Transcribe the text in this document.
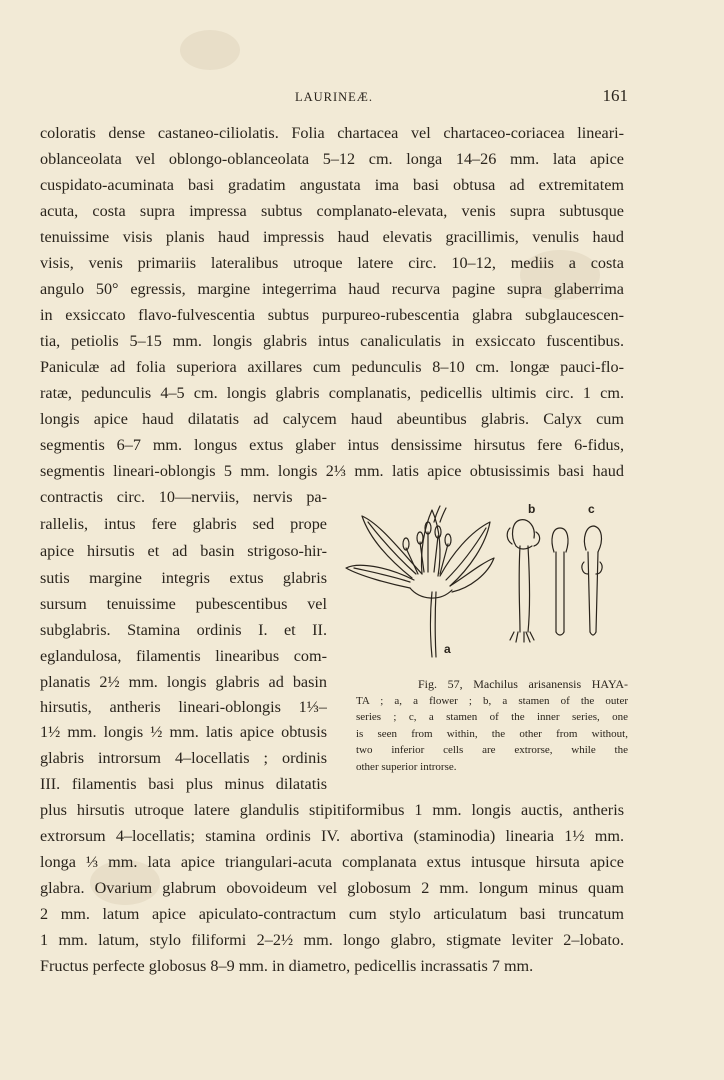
LAURINEÆ.	161
coloratis dense castaneo-ciliolatis. Folia chartacea vel chartaceo-coriacea lineari-
oblanceolata vel oblongo-oblanceolata 5–12 cm. longa 14–26 mm. lata apice
cuspidato-acuminata basi gradatim angustata ima basi obtusa ad extremitatem
acuta, costa supra impressa subtus complanato-elevata, venis supra subtusque
tenuissime visis planis haud impressis haud elevatis gracillimis, venulis haud
visis, venis primariis lateralibus utroque latere circ. 10–12, mediis a costa
angulo 50° egressis, margine integerrima haud recurva pagine supra glaberrima
in exsiccato flavo-fulvescentia subtus purpureo-rubescentia glabra subglaucescen-
tia, petiolis 5–15 mm. longis glabris intus canaliculatis in exsiccato fuscentibus.
Paniculæ ad folia superiora axillares cum pedunculis 8–10 cm. longæ pauci-flo-
ratæ, pedunculis 4–5 cm. longis glabris complanatis, pedicellis ultimis circ. 1 cm.
longis apice haud dilatatis ad calycem haud abeuntibus glabris. Calyx cum
segmentis 6–7 mm. longus extus glaber intus densissime hirsutus fere 6-fidus,
segmentis lineari-oblongis 5 mm. longis 2⅓ mm. latis apice obtusissimis basi haud
contractis circ. 10—nerviis, nervis pa-
rallelis, intus fere glabris sed prope
apice hirsutis et ad basin strigoso-hir-
sutis margine integris extus glabris
sursum tenuissime pubescentibus vel
subglabris. Stamina ordinis I. et II.
eglandulosa, filamentis linearibus com-
planatis 2½ mm. longis glabris ad basin
hirsutis, antheris lineari-oblongis 1⅓–
1½ mm. longis ½ mm. latis apice obtusis
glabris introrsum 4–locellatis ; ordinis
III. filamentis basi plus minus dilatatis
plus hirsutis utroque latere glandulis stipitiformibus 1 mm. longis auctis, antheris
extrorsum 4–locellatis; stamina ordinis IV. abortiva (staminodia) linearia 1½ mm.
longa ⅓ mm. lata apice triangulari-acuta complanata extus intusque hirsuta apice
glabra. Ovarium glabrum obovoideum vel globosum 2 mm. longum minus quam
2 mm. latum apice apiculato-contractum cum stylo articulatum basi truncatum
1 mm. latum, stylo filiformi 2–2½ mm. longo glabro, stigmate leviter 2–lobato.
Fructus perfecte globosus 8–9 mm. in diametro, pedicellis incrassatis 7 mm.
a
b	c
Fig. 57, Machilus arisanensis HAYA-
TA ; a, a flower ; b, a stamen of the outer
series ; c, a stamen of the inner series, one
is seen from within, the other from without,
two inferior cells are extrorse, while the
other superior introrse.
